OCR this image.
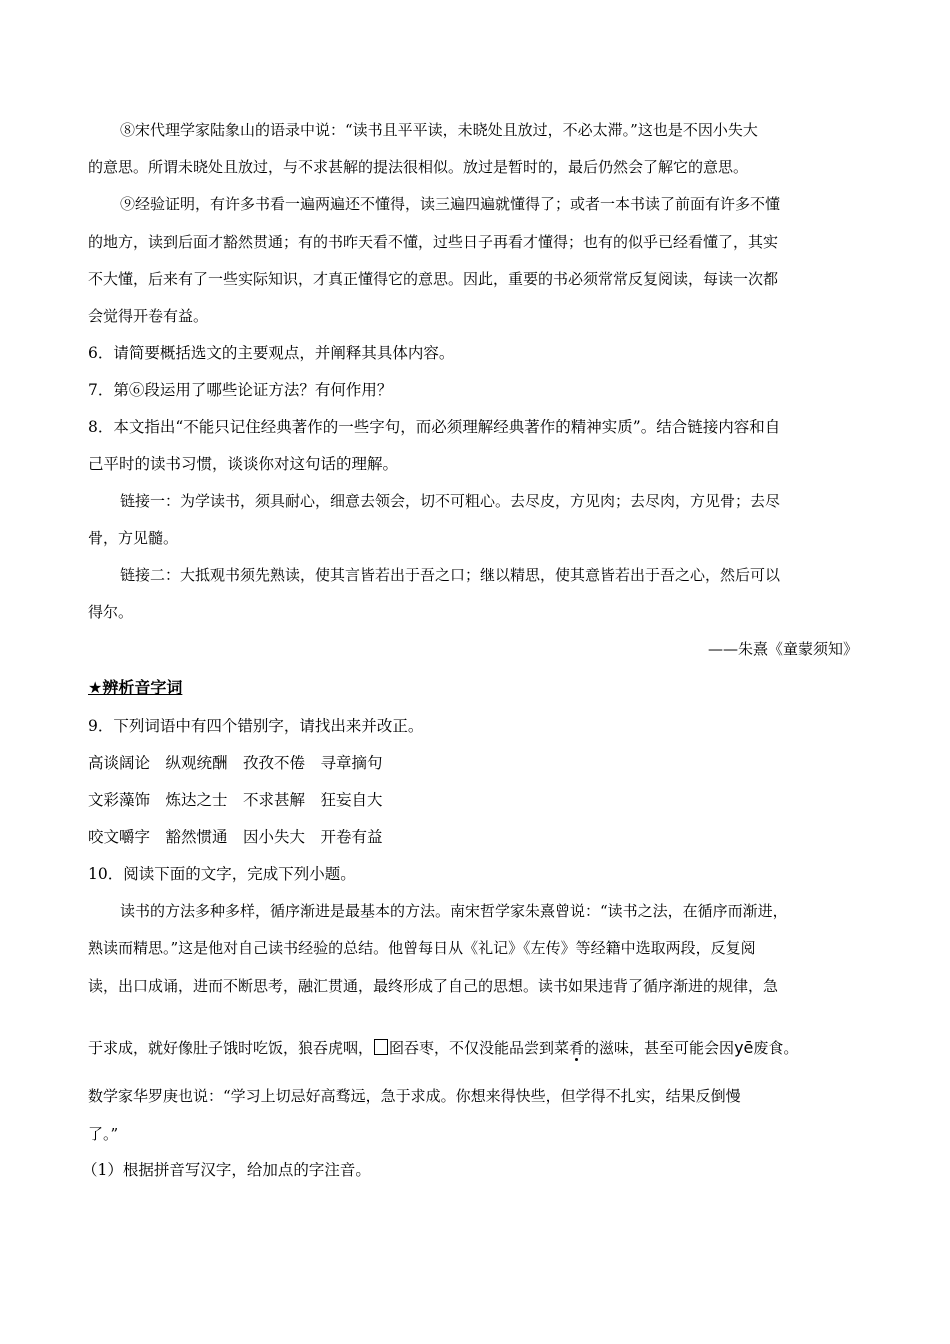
⑧宋代理学家陆象山的语录中说：“读书且平平读，未晓处且放过，不必太滞。”这也是不因小失大
的意思。所谓未晓处且放过，与不求甚解的提法很相似。放过是暂时的，最后仍然会了解它的意思。
⑨经验证明，有许多书看一遍两遍还不懂得，读三遍四遍就懂得了；或者一本书读了前面有许多不懂
的地方，读到后面才豁然贯通；有的书昨天看不懂，过些日子再看才懂得；也有的似乎已经看懂了，其实
不大懂，后来有了一些实际知识，才真正懂得它的意思。因此，重要的书必须常常反复阅读，每读一次都
会觉得开卷有益。
6．请简要概括选文的主要观点，并阐释其具体内容。
7．第⑥段运用了哪些论证方法？有何作用？
8．本文指出“不能只记住经典著作的一些字句，而必须理解经典著作的精神实质”。结合链接内容和自
己平时的读书习惯，谈谈你对这句话的理解。
链接一：为学读书，须具耐心，细意去领会，切不可粗心。去尽皮，方见肉；去尽肉，方见骨；去尽
骨，方见髓。
链接二：大抵观书须先熟读，使其言皆若出于吾之口；继以精思，使其意皆若出于吾之心，然后可以
得尔。
——朱熹《童蒙须知》
★辨析音字词
9．下列词语中有四个错别字，请找出来并改正。
高谈阔论　纵观统酬　孜孜不倦　寻章摘句
文彩藻饰　炼达之士　不求甚解　狂妄自大
咬文嚼字　豁然惯通　因小失大　开卷有益
10．阅读下面的文字，完成下列小题。
读书的方法多种多样，循序渐进是最基本的方法。南宋哲学家朱熹曾说：“读书之法，在循序而渐进，
熟读而精思。”这是他对自己读书经验的总结。他曾每日从《礼记》《左传》等经籍中选取两段，反复阅
读，出口成诵，进而不断思考，融汇贯通，最终形成了自己的思想。读书如果违背了循序渐进的规律，急
于求成，就好像肚子饿时吃饭，狼吞虎咽， 囵吞枣，不仅没能品尝到菜肴的滋味，甚至可能会因yē废食。
数学家华罗庚也说：“学习上切忌好高骛远，急于求成。你想来得快些，但学得不扎实，结果反倒慢
了。”
（1）根据拼音写汉字，给加点的字注音。
